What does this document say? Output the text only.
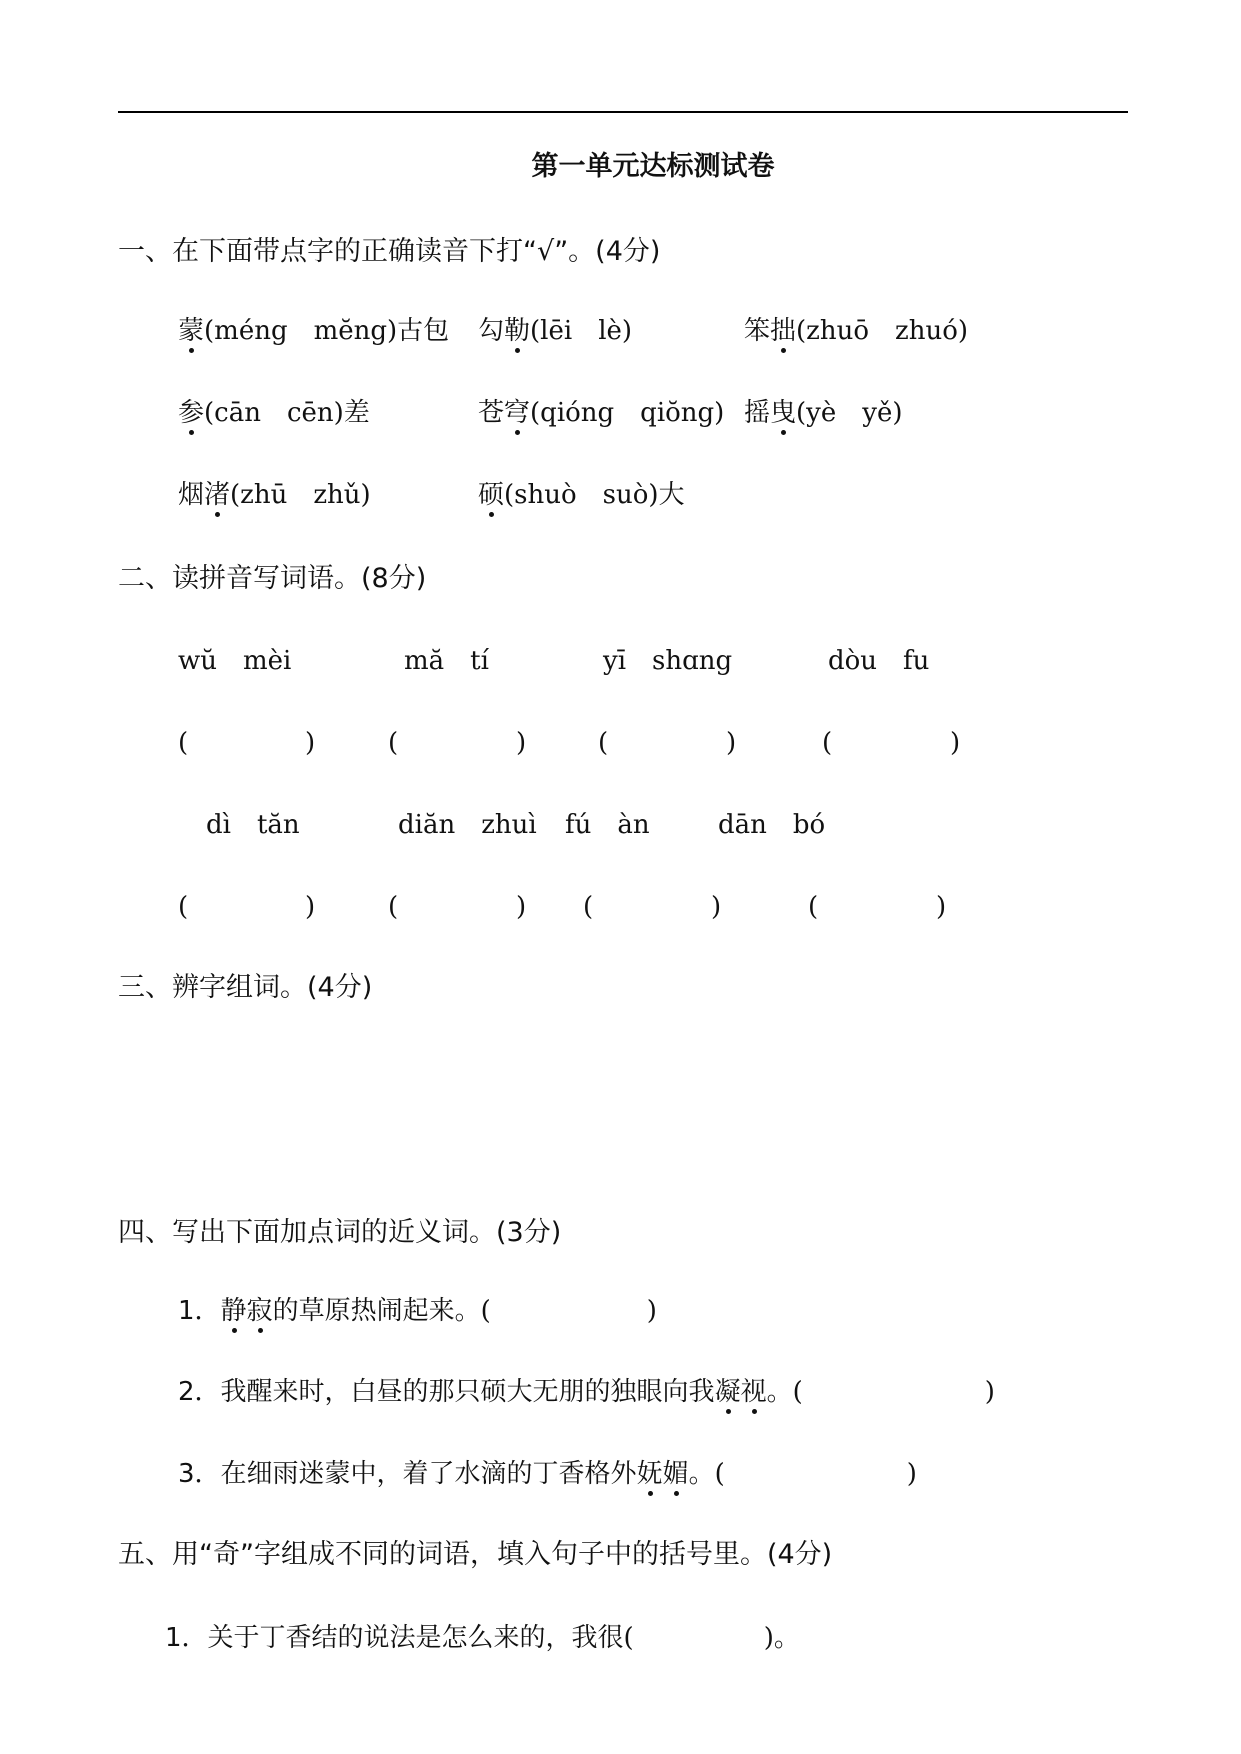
第一单元达标测试卷
一、在下面带点字的正确读音下打“√”。(4分)
蒙(méng　mĕng)古包 勾勒(lēi　lè)	笨拙(zhuō　zhuó)
参(cān　cēn)差	苍穹(qióng　qiŏng) 摇曳(yè　yě)
烟渚(zhū　zhǔ)	硕(shuò　suò)大
二、读拼音写词语。(8分)
wŭ　mèi	mă　tí	yī　shɑng	dòu　fu
(	)	(	)	(	)	(	)
dì　tăn	diăn　zhuì fú　àn	dān　bó
(	)	(	) (	)	(	)
三、辨字组词。(4分)
四、写出下面加点词的近义词。(3分)
1．静寂的草原热闹起来。(　　　　　　)
2．我醒来时，白昼的那只硕大无朋的独眼向我凝视。(　　　　　　　)
3．在细雨迷蒙中，着了水滴的丁香格外妩媚。(　　　　　　　)
五、用“奇”字组成不同的词语，填入句子中的括号里。(4分)
1．关于丁香结的说法是怎么来的，我很(　　　　　)。
